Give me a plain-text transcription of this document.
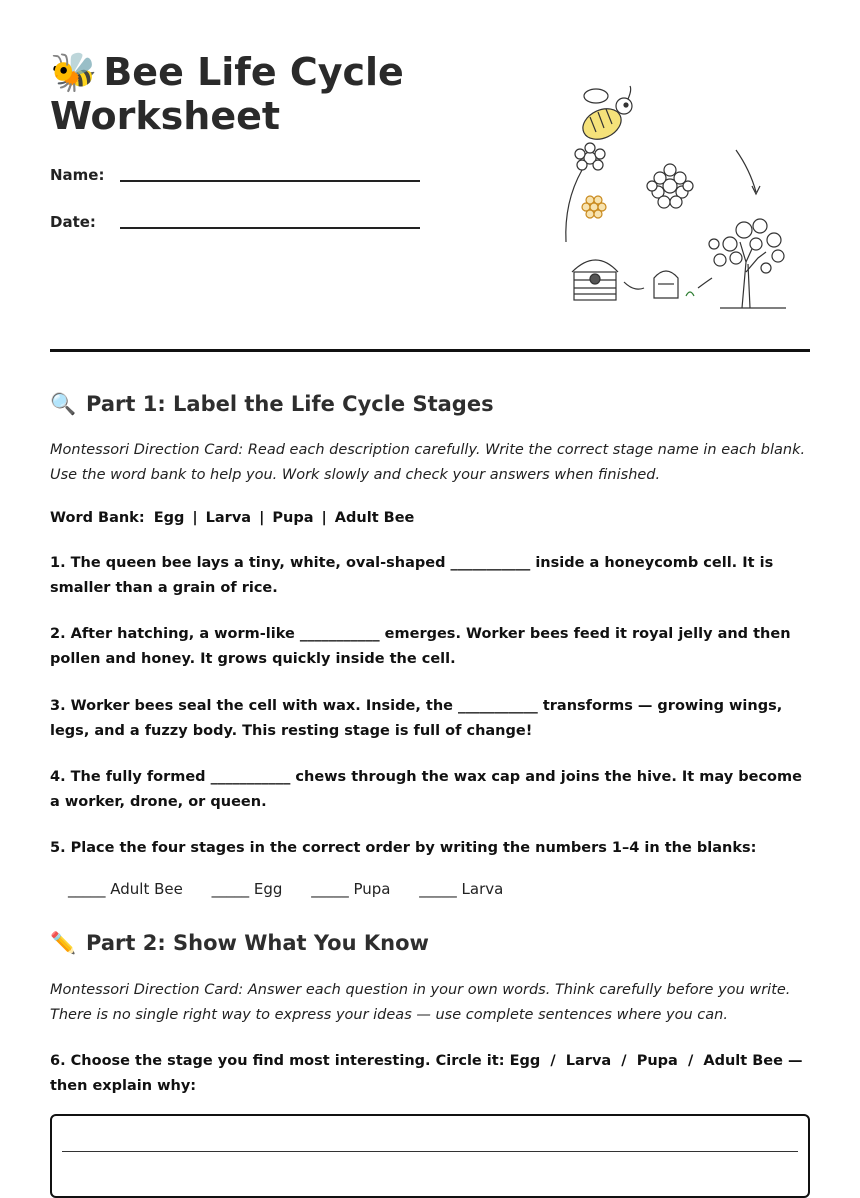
🐝 Bee Life Cycle Worksheet
Name:
Date:
🔍 Part 1: Label the Life Cycle Stages

Montessori Direction Card: Read each description carefully. Write the correct stage name in each blank. Use the word bank to help you. Work slowly and check your answers when finished.

Word Bank: Egg | Larva | Pupa | Adult Bee

1. The queen bee lays a tiny, white, oval-shaped ___________ inside a honeycomb cell. It is smaller than a grain of rice.

2. After hatching, a worm-like ___________ emerges. Worker bees feed it royal jelly and then pollen and honey. It grows quickly inside the cell.

3. Worker bees seal the cell with wax. Inside, the ___________ transforms — growing wings, legs, and a fuzzy body. This resting stage is full of change!

4. The fully formed ___________ chews through the wax cap and joins the hive. It may become a worker, drone, or queen.

5. Place the four stages in the correct order by writing the numbers 1–4 in the blanks:

_____ Adult Bee _____ Egg _____ Pupa _____ Larva
✏️ Part 2: Show What You Know

Montessori Direction Card: Answer each question in your own words. Think carefully before you write. There is no single right way to express your ideas — use complete sentences where you can.

6. Choose the stage you find most interesting. Circle it: Egg  /  Larva  /  Pupa  /  Adult Bee — then explain why:
